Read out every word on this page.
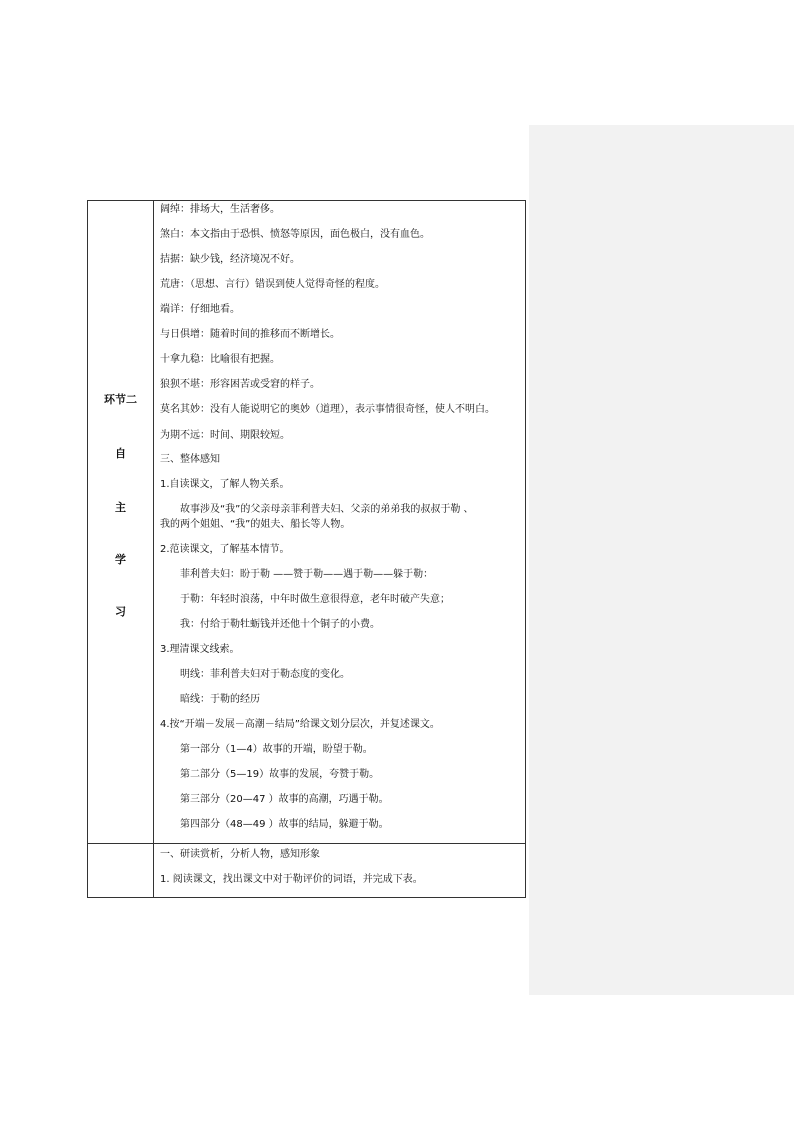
环节二
自
主
学
习
阔绰：排场大，生活奢侈。
煞白：本文指由于恐惧、愤怒等原因，面色极白，没有血色。
拮据：缺少钱，经济境况不好。
荒唐：（思想、言行）错误到使人觉得奇怪的程度。
端详：仔细地看。
与日俱增：随着时间的推移而不断增长。
十拿九稳：比喻很有把握。
狼狈不堪：形容困苦或受窘的样子。
莫名其妙：没有人能说明它的奥妙（道理），表示事情很奇怪，使人不明白。
为期不远：时间、期限较短。
三、整体感知
1.自读课文，了解人物关系。
故事涉及“我”的父亲母亲菲利普夫妇、父亲的弟弟我的叔叔于勒 、
我的两个姐姐、“我”的姐夫、船长等人物。
2.范读课文，了解基本情节。
菲利普夫妇：盼于勒 ——赞于勒——遇于勒——躲于勒：
于勒：年轻时浪荡，中年时做生意很得意，老年时破产失意；
我：付给于勒牡蛎钱并还他十个铜子的小费。
3.理清课文线索。
明线：菲利普夫妇对于勒态度的变化。
暗线：于勒的经历
4.按“开端－发展－高潮－结局”给课文划分层次，并复述课文。
第一部分（1—4）故事的开端，盼望于勒。
第二部分（5—19）故事的发展，夸赞于勒。
第三部分（20—47 ）故事的高潮，巧遇于勒。
第四部分（48—49 ）故事的结局，躲避于勒。
一、研读赏析，分析人物，感知形象
1. 阅读课文，找出课文中对于勒评价的词语，并完成下表。
